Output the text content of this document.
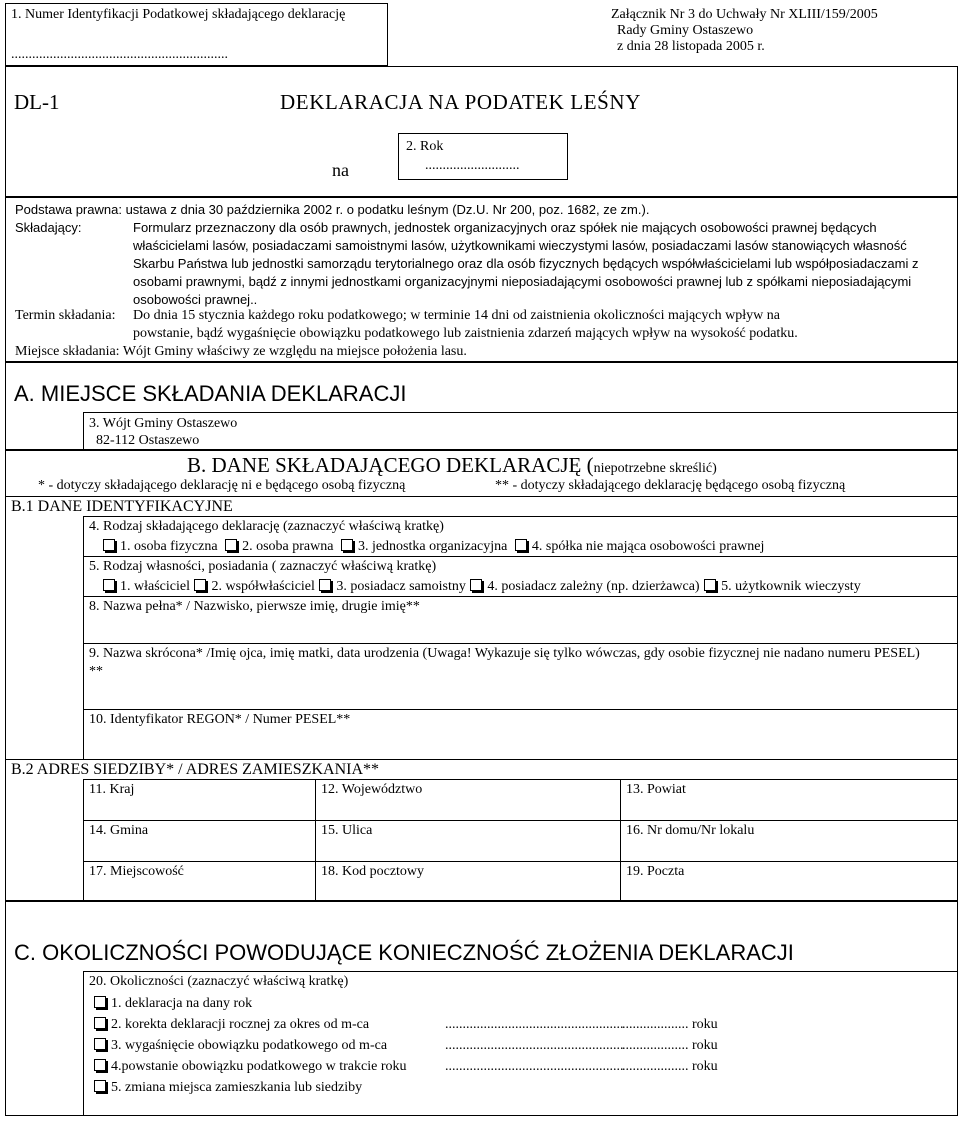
1. Numer Identyfikacji Podatkowej składającego deklarację
..............................................................
Załącznik Nr 3 do Uchwały Nr XLIII/159/2005
Rady Gminy Ostaszewo
z dnia 28 listopada 2005 r.
DL-1	DEKLARACJA NA PODATEK LEŚNY
na
2. Rok
...........................
Podstawa prawna: ustawa z dnia 30 października 2002 r. o podatku leśnym (Dz.U. Nr 200, poz. 1682, ze zm.).
Składający:	Formularz przeznaczony dla osób prawnych, jednostek organizacyjnych oraz spółek nie mających osobowości prawnej będących właścicielami lasów, posiadaczami samoistnymi lasów, użytkownikami wieczystymi lasów, posiadaczami lasów stanowiących własność Skarbu Państwa lub jednostki samorządu terytorialnego oraz dla osób fizycznych będących współwłaścicielami lub współposiadaczami z osobami prawnymi, bądź z innymi jednostkami organizacyjnymi nieposiadającymi osobowości prawnej lub z spółkami nieposiadającymi osobowości prawnej..
Termin składania: Do dnia 15 stycznia każdego roku podatkowego; w terminie 14 dni od zaistnienia okoliczności mających wpływ na
powstanie, bądź wygaśnięcie obowiązku podatkowego lub zaistnienia zdarzeń mających wpływ na wysokość podatku.
Miejsce składania: Wójt Gminy właściwy ze względu na miejsce położenia lasu.
A. MIEJSCE SKŁADANIA DEKLARACJI
3. Wójt Gminy Ostaszewo
82-112 Ostaszewo
B. DANE SKŁADAJĄCEGO DEKLARACJĘ (niepotrzebne skreślić)
* - dotyczy składającego deklarację ni e będącego osobą fizyczną	** - dotyczy składającego deklarację będącego osobą fizyczną
B.1 DANE IDENTYFIKACYJNE
4. Rodzaj składającego deklarację (zaznaczyć właściwą kratkę)
1. osoba fizyczna 2. osoba prawna 3. jednostka organizacyjna 4. spółka nie mająca osobowości prawnej
5. Rodzaj własności, posiadania ( zaznaczyć właściwą kratkę)
1. właściciel 2. współwłaściciel 3. posiadacz samoistny 4. posiadacz zależny (np. dzierżawca) 5. użytkownik wieczysty
8. Nazwa pełna* / Nazwisko, pierwsze imię, drugie imię**
9. Nazwa skrócona* /Imię ojca, imię matki, data urodzenia (Uwaga! Wykazuje się tylko wówczas, gdy osobie fizycznej nie nadano numeru PESEL) **
10. Identyfikator REGON* / Numer PESEL**
B.2 ADRES SIEDZIBY* / ADRES ZAMIESZKANIA**
11. Kraj	12. Województwo	13. Powiat
14. Gmina	15. Ulica	16. Nr domu/Nr lokalu
17. Miejscowość	18. Kod pocztowy	19. Poczta
C. OKOLICZNOŚCI POWODUJĄCE KONIECZNOŚĆ ZŁOŻENIA DEKLARACJI
20. Okoliczności (zaznaczyć właściwą kratkę)
1. deklaracja na dany rok
2. korekta deklaracji rocznej za okres od m-ca	...................................................
................... roku
3. wygaśnięcie obowiązku podatkowego od m-ca	...................................................
................... roku
4.powstanie obowiązku podatkowego w trakcie roku	...................................................
................... roku
5. zmiana miejsca zamieszkania lub siedziby
